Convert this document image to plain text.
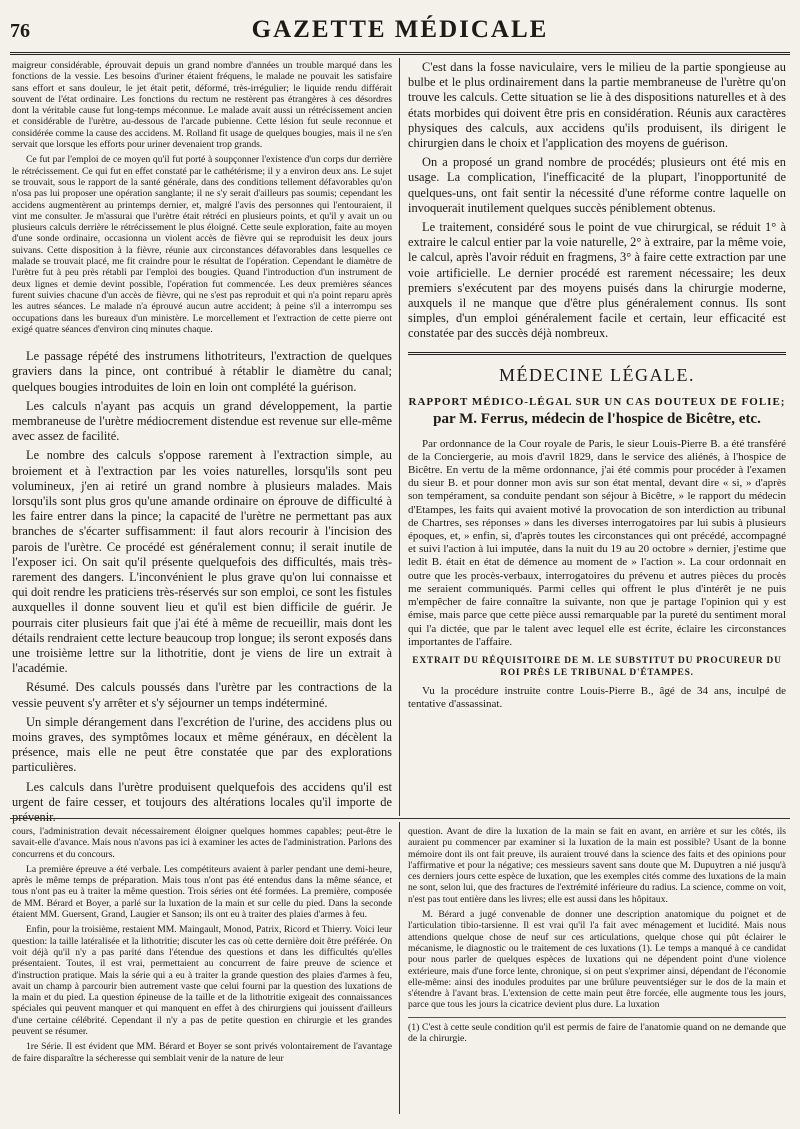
76	GAZETTE MÉDICALE

maigreur considérable, éprouvait depuis un grand nombre d'années un trouble marqué dans les fonctions de la vessie. Les besoins d'uriner étaient fréquens, le malade ne pouvait les satisfaire sans effort et sans douleur, le jet était petit, déformé, très-irrégulier; le liquide rendu différait souvent de l'état ordinaire. Les fonctions du rectum ne restèrent pas étrangères à ces désordres dont la véritable cause fut long-temps méconnue. Le malade avait aussi un rétrécissement ancien et considérable de l'urètre, au-dessous de l'arcade pubienne. Cette lésion fut seule reconnue et considérée comme la cause des accidens. M. Rolland fit usage de quelques bougies, mais il ne s'en servait que lorsque les efforts pour uriner devenaient trop grands.

Ce fut par l'emploi de ce moyen qu'il fut porté à soupçonner l'existence d'un corps dur derrière le rétrécissement. Ce qui fut en effet constaté par le cathétérisme; il y a environ deux ans. Le sujet se trouvait, sous le rapport de la santé générale, dans des conditions tellement défavorables qu'on n'osa pas lui proposer une opération sanglante; il ne s'y serait d'ailleurs pas soumis; cependant les accidens augmentèrent au printemps dernier, et, malgré l'avis des personnes qui l'entouraient, il vint me consulter. Je m'assurai que l'urètre était rétréci en plusieurs points, et qu'il y avait un ou plusieurs calculs derrière le rétrécissement le plus éloigné. Cette seule exploration, faite au moyen d'une sonde ordinaire, occasionna un violent accès de fièvre qui se reproduisit les deux jours suivans. Cette disposition à la fièvre, réunie aux circonstances défavorables dans lesquelles ce malade se trouvait placé, me fit craindre pour le résultat de l'opération. Cependant le diamètre de l'urètre fut à peu près rétabli par l'emploi des bougies. Quand l'introduction d'un instrument de deux lignes et demie devint possible, l'opération fut commencée. Les deux premières séances furent suivies chacune d'un accès de fièvre, qui ne s'est pas reproduit et qui n'a point reparu après les autres séances. Le malade n'a éprouvé aucun autre accident; à peine s'il a interrompu ses occupations dans les bureaux d'un ministère. Le morcellement et l'extraction de cette pierre ont exigé quatre séances d'environ cinq minutes chaque.

Le passage répété des instrumens lithotriteurs, l'extraction de quelques graviers dans la pince, ont contribué à rétablir le diamètre du canal; quelques bougies introduites de loin en loin ont complété la guérison.

Les calculs n'ayant pas acquis un grand développement, la partie membraneuse de l'urètre médiocrement distendue est revenue sur elle-même avec assez de facilité.

Le nombre des calculs s'oppose rarement à l'extraction simple, au broiement et à l'extraction par les voies naturelles, lorsqu'ils sont peu volumineux, j'en ai retiré un grand nombre à plusieurs malades. Mais lorsqu'ils sont plus gros qu'une amande ordinaire on éprouve de difficulté à les faire entrer dans la pince; la capacité de l'urètre ne permettant pas aux branches de s'écarter suffisamment: il faut alors recourir à l'incision des parois de l'urètre. Ce procédé est généralement connu; il serait inutile de l'exposer ici. On sait qu'il présente quelquefois des difficultés, mais très-rarement des dangers. L'inconvénient le plus grave qu'on lui connaisse et qui doit rendre les praticiens très-réservés sur son emploi, ce sont les fistules auxquelles il donne souvent lieu et qu'il est bien difficile de guérir. Je pourrais citer plusieurs fait que j'ai été à même de recueillir, mais dont les détails rendraient cette lecture beaucoup trop longue; ils seront exposés dans une troisième lettre sur la lithotritie, dont je viens de lire un extrait à l'académie.

Résumé. Des calculs poussés dans l'urètre par les contractions de la vessie peuvent s'y arrêter et s'y séjourner un temps indéterminé.

Un simple dérangement dans l'excrétion de l'urine, des accidens plus ou moins graves, des symptômes locaux et même généraux, en décèlent la présence, mais elle ne peut être constatée que par des explorations particulières.

Les calculs dans l'urètre produisent quelquefois des accidens qu'il est urgent de faire cesser, et toujours des altérations locales qu'il importe de prévenir.

C'est dans la fosse naviculaire, vers le milieu de la partie spongieuse au bulbe et le plus ordinairement dans la partie membraneuse de l'urètre qu'on trouve les calculs. Cette situation se lie à des dispositions naturelles et à des états morbides qui doivent être pris en considération. Réunis aux caractères physiques des calculs, aux accidens qu'ils produisent, ils dirigent le chirurgien dans le choix et l'application des moyens de guérison.

On a proposé un grand nombre de procédés; plusieurs ont été mis en usage. La complication, l'inefficacité de la plupart, l'inopportunité de quelques-uns, ont fait sentir la nécessité d'une réforme contre laquelle on invoquerait inutilement quelques succès péniblement obtenus.

Le traitement, considéré sous le point de vue chirurgical, se réduit 1° à extraire le calcul entier par la voie naturelle, 2° à extraire, par la même voie, le calcul, après l'avoir réduit en fragmens, 3° à faire cette extraction par une voie artificielle. Le dernier procédé est rarement nécessaire; les deux premiers s'exécutent par des moyens puisés dans la chirurgie moderne, auxquels il ne manque que d'être plus généralement connus. Ils sont simples, d'un emploi généralement facile et certain, leur efficacité est constatée par des succès déjà nombreux.

MÉDECINE LÉGALE.
RAPPORT MÉDICO-LÉGAL SUR UN CAS DOUTEUX DE FOLIE;
par M. Ferrus, médecin de l'hospice de Bicêtre, etc.

Par ordonnance de la Cour royale de Paris, le sieur Louis-Pierre B. a été transféré de la Conciergerie, au mois d'avril 1829, dans le service des aliénés, à l'hospice de Bicêtre. En vertu de la même ordonnance, j'ai été commis pour procéder à l'examen du sieur B. et pour donner mon avis sur son état mental, devant dire « si, » d'après son tempérament, sa conduite pendant son séjour à Bicêtre, » le rapport du médecin d'Etampes, les faits qui avaient motivé la provocation de son interdiction au tribunal de Chartres, ses réponses » dans les diverses interrogatoires par lui subis à plusieurs époques, et, » enfin, si, d'après toutes les circonstances qui ont précédé, accompagné et suivi l'action à lui imputée, dans la nuit du 19 au 20 octobre » dernier, j'estime que ledit B. était en état de démence au moment de » l'action ». La cour ordonnait en outre que les procès-verbaux, interrogatoires du prévenu et autres pièces du procès me seraient communiqués. Parmi celles qui offrent le plus d'intérêt je ne puis m'empêcher de faire connaître la suivante, non que je partage l'opinion qui y est émise, mais parce que cette pièce aussi remarquable par la pureté du sentiment moral qui l'a dictée, que par le talent avec lequel elle est écrite, éclaire les circonstances importantes de l'affaire.

EXTRAIT DU RÉQUISITOIRE DE M. LE SUBSTITUT DU PROCUREUR DU ROI PRÈS LE TRIBUNAL D'ÉTAMPES.

Vu la procédure instruite contre Louis-Pierre B., âgé de 34 ans, inculpé de tentative d'assassinat.

cours, l'administration devait nécessairement éloigner quelques hommes capables; peut-être le savait-elle d'avance. Mais nous n'avons pas ici à examiner les actes de l'administration. Parlons des concurrens et du concours.

La première épreuve a été verbale. Les compétiteurs avaient à parler pendant une demi-heure, après le même temps de préparation. Mais tous n'ont pas été entendus dans la même séance, et tous n'ont pas eu à traiter la même question. Trois séries ont été formées. La première, composée de MM. Bérard et Boyer, a parlé sur la luxation de la main et sur celle du pied. Dans la seconde étaient MM. Guersent, Grand, Laugier et Sanson; ils ont eu à traiter des plaies d'armes à feu.

Enfin, pour la troisième, restaient MM. Maingault, Monod, Patrix, Ricord et Thierry. Voici leur question: la taille latéralisée et la lithotritie; discuter les cas où cette dernière doit être préférée. On voit déjà qu'il n'y a pas parité dans l'étendue des questions et dans les difficultés qu'elles présentaient. Toutes, il est vrai, permettaient au concurrent de faire preuve de science et d'instruction pratique. Mais la série qui a eu à traiter la grande question des plaies d'armes à feu, avait un champ à parcourir bien autrement vaste que celui fourni par la question des luxations de la main et du pied. La question épineuse de la taille et de la lithotritie exigeait des connaissances spéciales qui peuvent manquer et qui manquent en effet à des chirurgiens qui jouissent d'ailleurs d'une certaine célébrité. Cependant il n'y a pas de petite question en chirurgie et les grandes peuvent se résumer.

1re Série. Il est évident que MM. Bérard et Boyer se sont privés volontairement de l'avantage de faire disparaître la sécheresse qui semblait venir de la nature de leur

question. Avant de dire la luxation de la main se fait en avant, en arrière et sur les côtés, ils auraient pu commencer par examiner si la luxation de la main est possible? Usant de la bonne mémoire dont ils ont fait preuve, ils auraient trouvé dans la science des faits et des opinions pour l'affirmative et pour la négative; ces messieurs savent sans doute que M. Dupuytren a nié jusqu'à ces derniers jours cette espèce de luxation, que les exemples cités comme des luxations de la main ne sont, selon lui, que des fractures de l'extrémité inférieure du radius. La science, comme on voit, n'est pas tout entière dans les livres; elle est aussi dans les hôpitaux.

M. Bérard a jugé convenable de donner une description anatomique du poignet et de l'articulation tibio-tarsienne. Il est vrai qu'il l'a fait avec ménagement et lucidité. Mais nous attendions quelque chose de neuf sur ces articulations, quelque chose qui pût éclairer le mécanisme, le diagnostic ou le traitement de ces luxations (1). Le temps a manqué à ce candidat pour nous parler de quelques espèces de luxations qui ne dépendent point d'une violence extérieure, mais d'une force lente, chronique, si on peut s'exprimer ainsi, dépendant de l'économie elle-même: ainsi des inodules produites par une brûlure peuventsiéger sur le dos de la main et s'étendre à l'avant bras. L'extension de cette main peut être forcée, elle augmente tous les jours, parce que tous les jours la cicatrice devient plus dure. La luxation

(1) C'est à cette seule condition qu'il est permis de faire de l'anatomie quand on ne demande que de la chirurgie.
